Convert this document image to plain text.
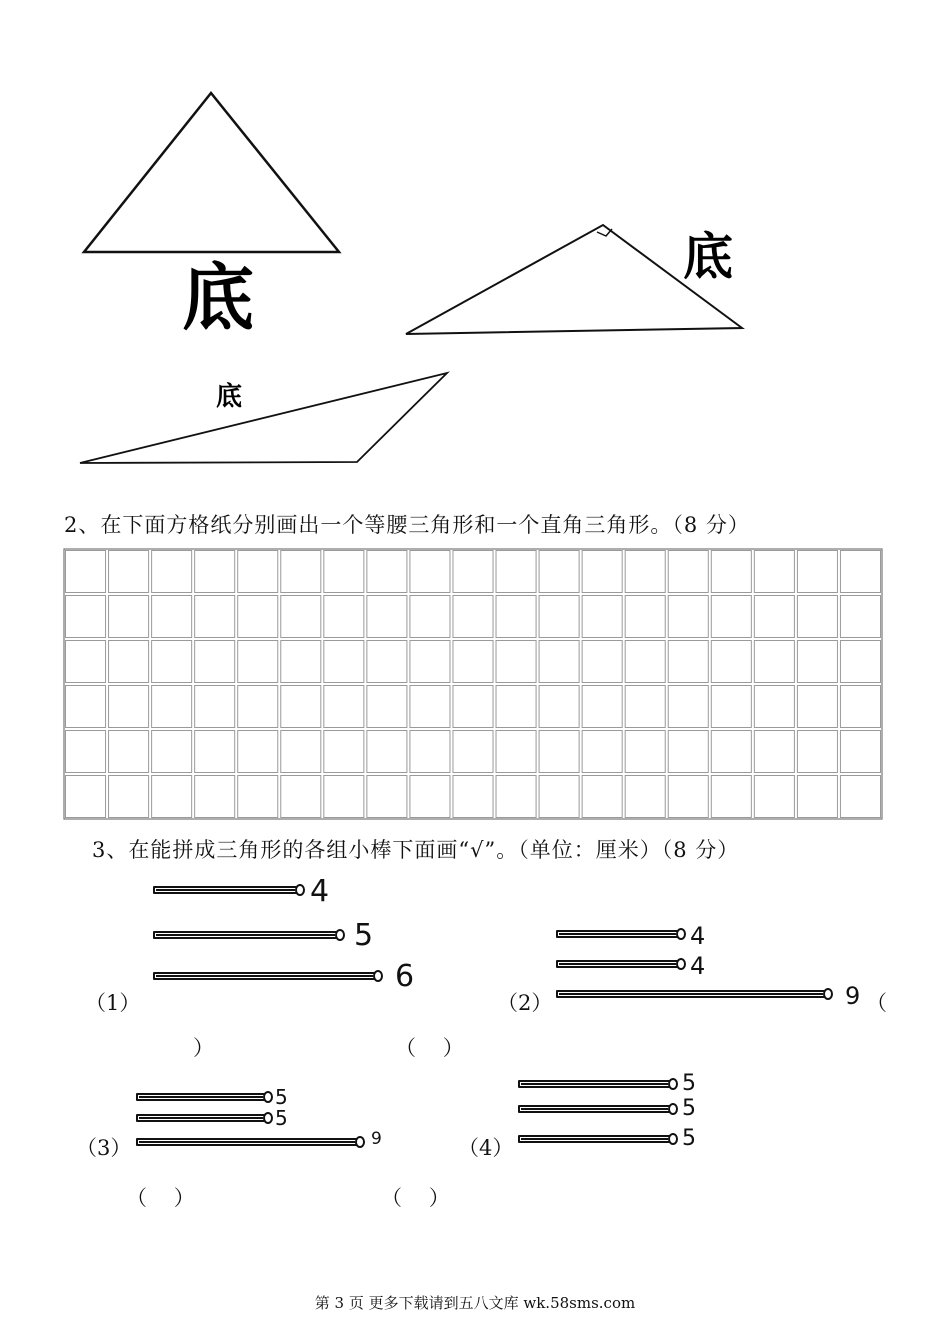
底	底
底
2、在下面方格纸分别画出一个等腰三角形和一个直角三角形。（8 分）
3、在能拼成三角形的各组小棒下面画“√”。（单位：厘米）（8 分）
4
5
6
（1）
）	（    ）
4
4
9
（2）	（
5
5
9
（3）
（    ）
5
5
5
（4）
（    ）
第 3 页 更多下载请到五八文库 wk.58sms.com
